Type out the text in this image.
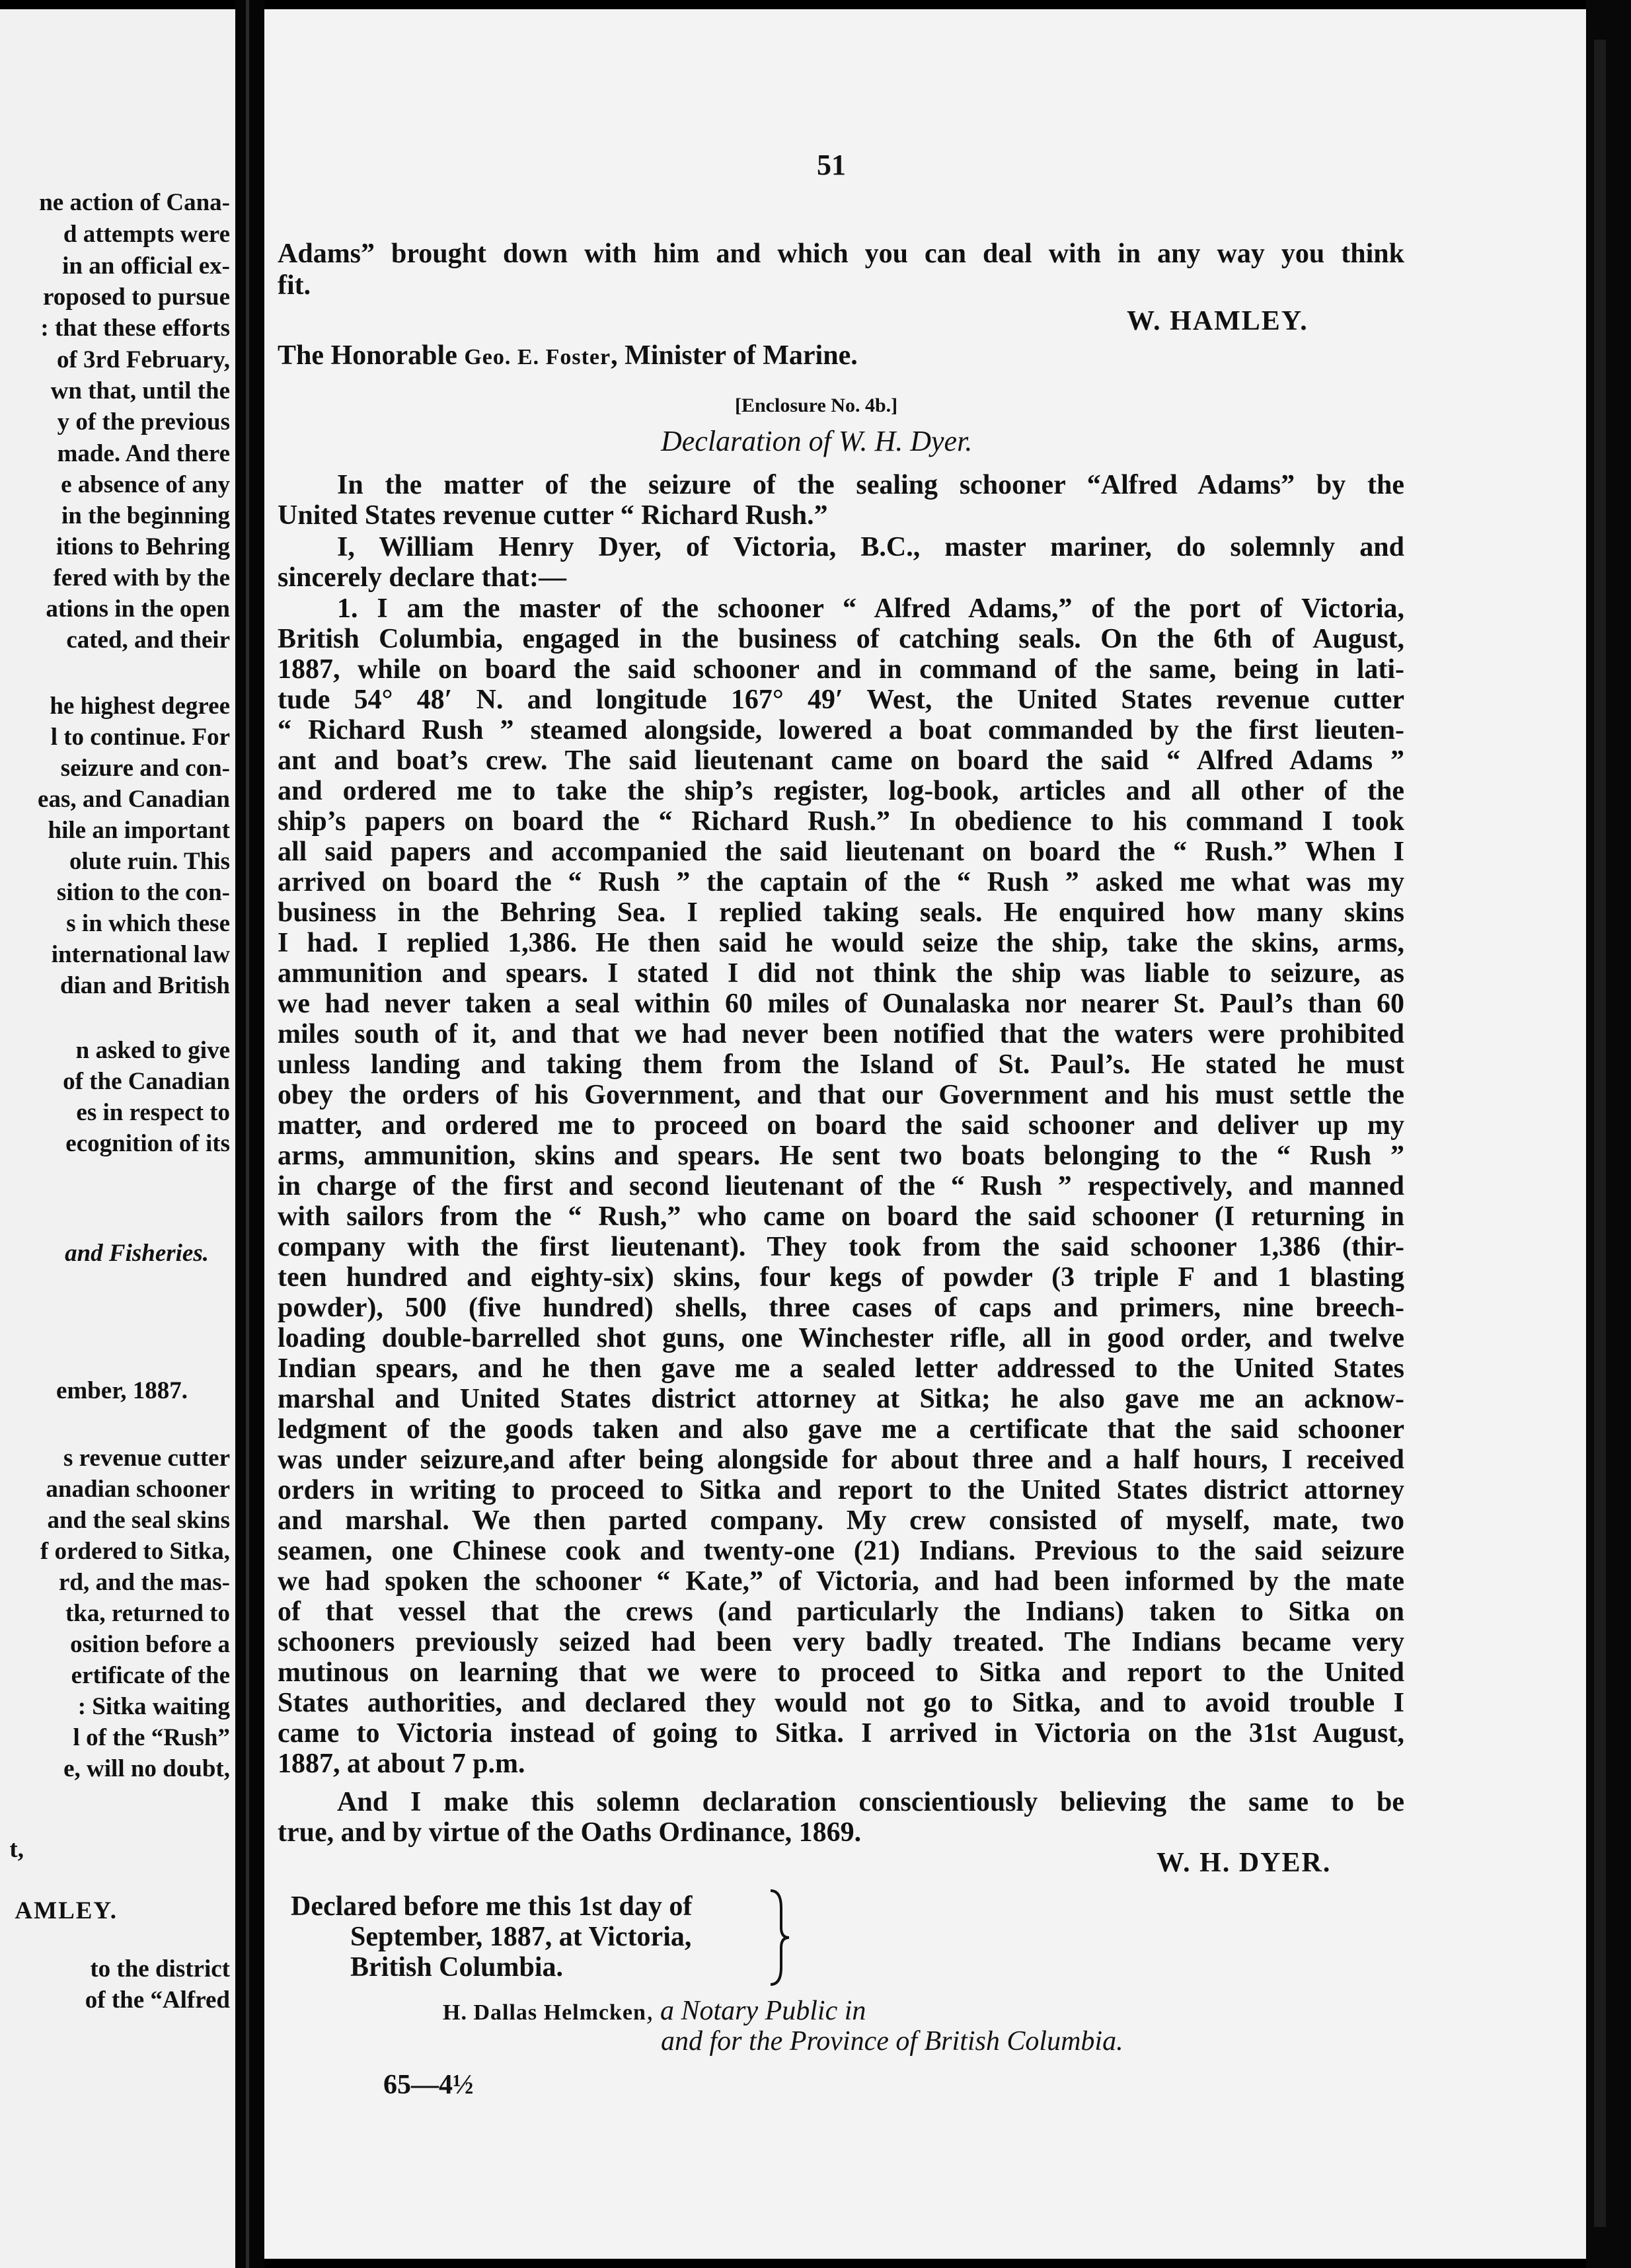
ne action of Cana-
d attempts were
in an official ex-
roposed to pursue
: that these efforts
of 3rd February,
wn that, until the
y of the previous
made. And there
e absence of any
in the beginning
itions to Behring
fered with by the
ations in the open
cated, and their
he highest degree
l to continue. For
seizure and con-
eas, and Canadian
hile an important
olute ruin. This
sition to the con-
s in which these
international law
dian and British
n asked to give
of the Canadian
es in respect to
ecognition of its
and Fisheries.
ember, 1887.
s revenue cutter
anadian schooner
and the seal skins
f ordered to Sitka,
rd, and the mas-
tka, returned to
osition before a
ertificate of the
: Sitka waiting
l of the “Rush”
e, will no doubt,
t,
AMLEY.
to the district
of the “Alfred
51
Adams” brought down with him and which you can deal with in any way you think
fit.
W. HAMLEY.
The Honorable Geo. E. Foster, Minister of Marine.
[Enclosure No. 4b.]
Declaration of W. H. Dyer.
In the matter of the seizure of the sealing schooner “Alfred Adams” by the
United States revenue cutter “ Richard Rush.”
I, William Henry Dyer, of Victoria, B.C., master mariner, do solemnly and
sincerely declare that:—
1. I am the master of the schooner “ Alfred Adams,” of the port of Victoria,
British Columbia, engaged in the business of catching seals. On the 6th of August,
1887, while on board the said schooner and in command of the same, being in lati-
tude 54° 48′ N. and longitude 167° 49′ West, the United States revenue cutter
“ Richard Rush ” steamed alongside, lowered a boat commanded by the first lieuten-
ant and boat’s crew. The said lieutenant came on board the said “ Alfred Adams ”
and ordered me to take the ship’s register, log-book, articles and all other of the
ship’s papers on board the “ Richard Rush.” In obedience to his command I took
all said papers and accompanied the said lieutenant on board the “ Rush.” When I
arrived on board the “ Rush ” the captain of the “ Rush ” asked me what was my
business in the Behring Sea. I replied taking seals. He enquired how many skins
I had. I replied 1,386. He then said he would seize the ship, take the skins, arms,
ammunition and spears. I stated I did not think the ship was liable to seizure, as
we had never taken a seal within 60 miles of Ounalaska nor nearer St. Paul’s than 60
miles south of it, and that we had never been notified that the waters were prohibited
unless landing and taking them from the Island of St. Paul’s. He stated he must
obey the orders of his Government, and that our Government and his must settle the
matter, and ordered me to proceed on board the said schooner and deliver up my
arms, ammunition, skins and spears. He sent two boats belonging to the “ Rush ”
in charge of the first and second lieutenant of the “ Rush ” respectively, and manned
with sailors from the “ Rush,” who came on board the said schooner (I returning in
company with the first lieutenant). They took from the said schooner 1,386 (thir-
teen hundred and eighty-six) skins, four kegs of powder (3 triple F and 1 blasting
powder), 500 (five hundred) shells, three cases of caps and primers, nine breech-
loading double-barrelled shot guns, one Winchester rifle, all in good order, and twelve
Indian spears, and he then gave me a sealed letter addressed to the United States
marshal and United States district attorney at Sitka; he also gave me an acknow-
ledgment of the goods taken and also gave me a certificate that the said schooner
was under seizure,and after being alongside for about three and a half hours, I received
orders in writing to proceed to Sitka and report to the United States district attorney
and marshal. We then parted company. My crew consisted of myself, mate, two
seamen, one Chinese cook and twenty-one (21) Indians. Previous to the said seizure
we had spoken the schooner “ Kate,” of Victoria, and had been informed by the mate
of that vessel that the crews (and particularly the Indians) taken to Sitka on
schooners previously seized had been very badly treated. The Indians became very
mutinous on learning that we were to proceed to Sitka and report to the United
States authorities, and declared they would not go to Sitka, and to avoid trouble I
came to Victoria instead of going to Sitka. I arrived in Victoria on the 31st August,
1887, at about 7 p.m.
And I make this solemn declaration conscientiously believing the same to be
true, and by virtue of the Oaths Ordinance, 1869.
W. H. DYER.
Declared before me this 1st day of
September, 1887, at Victoria,
British Columbia.
H. Dallas Helmcken, a Notary Public in
and for the Province of British Columbia.
65—4½
